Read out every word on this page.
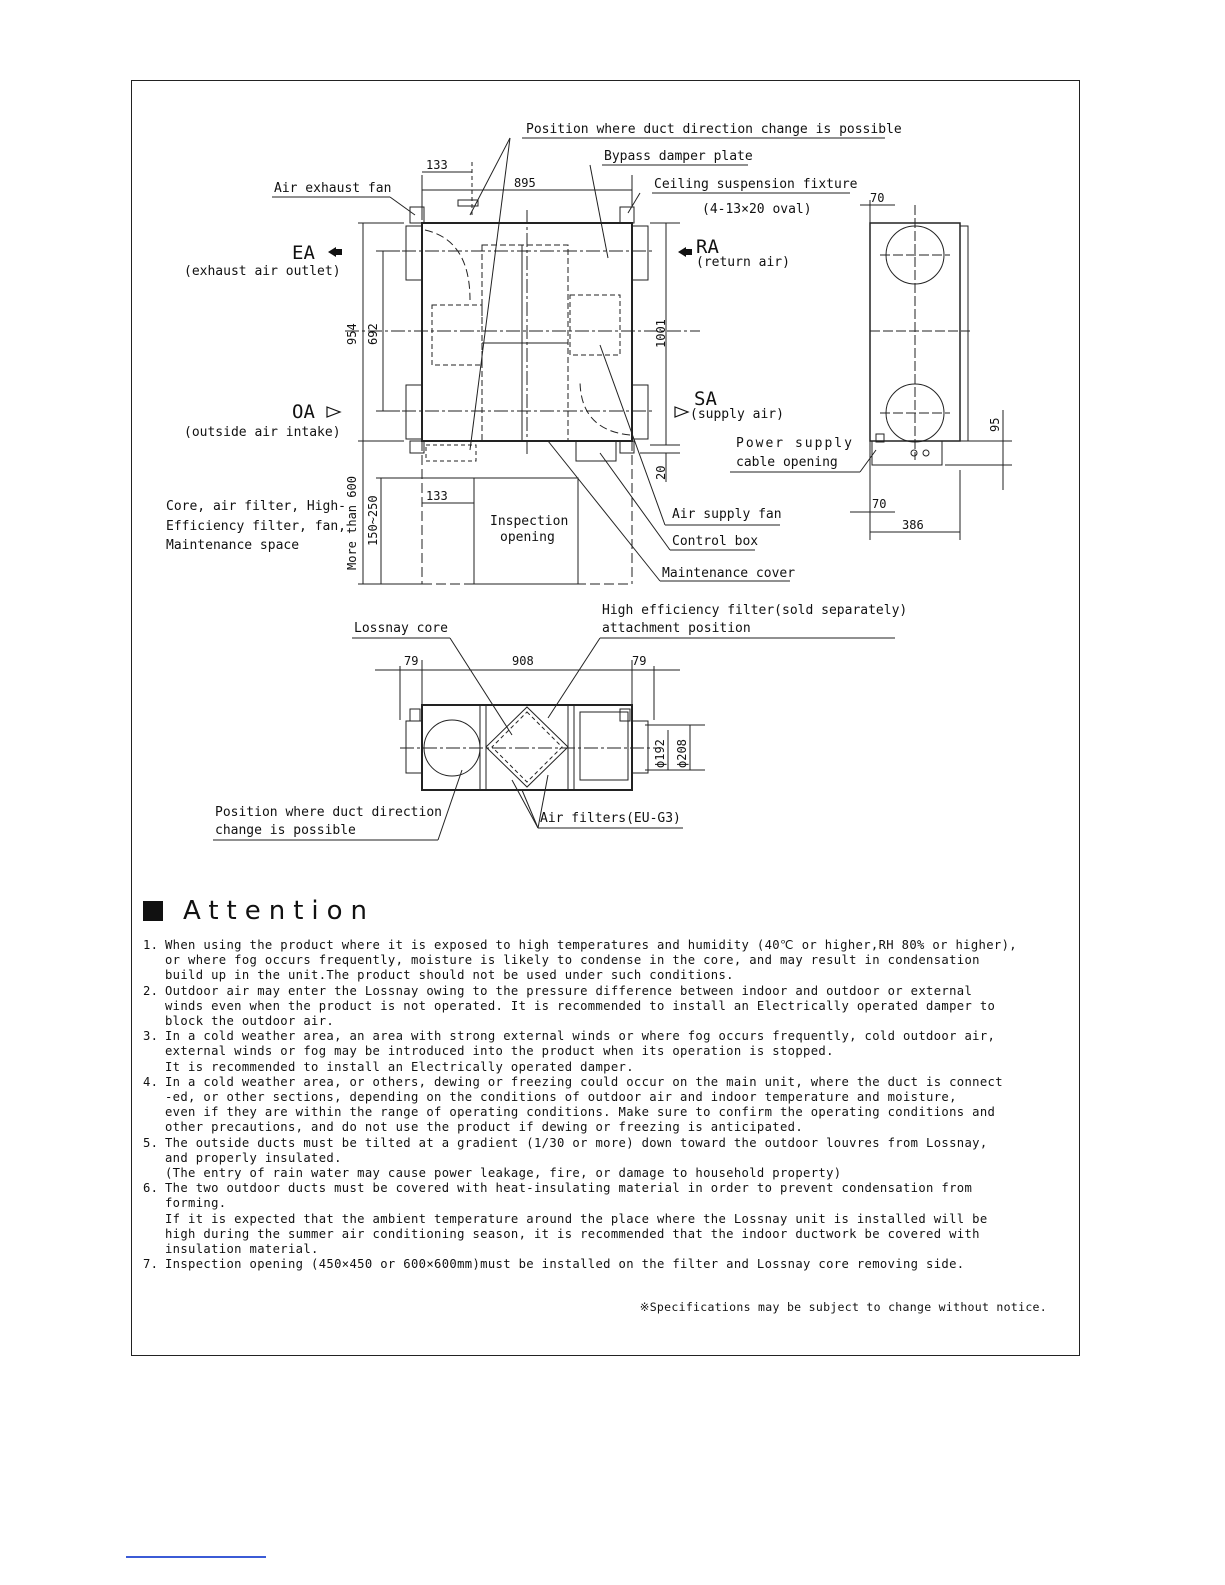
Position where duct direction change is possible
Bypass damper plate
Air exhaust fan	Ceiling suspension fixture
(4-13×20 oval)
EA
(exhaust air outlet)
RA
(return air)
OA
(outside air intake)
SA
(supply air)
Power supply
cable opening
Core, air filter, High-
Efficiency filter, fan,
Maintenance space
Inspection
opening
Air supply fan
Control box
Maintenance cover
Lossnay core
High efficiency filter(sold separately)
attachment position
Position where duct direction
change is possible
Air filters(EU-G3)
133
895
70
954 692	1001
95
20
133
70
386
More than 600 150~250
79	908	79
ϕ192 ϕ208
Attention
1. When using the product where it is exposed to high temperatures and humidity (40℃ or higher,RH 80% or higher),

or where fog occurs frequently, moisture is likely to condense in the core, and may result in condensation

build up in the unit.The product should not be used under such conditions.

2. Outdoor air may enter the Lossnay owing to the pressure difference between indoor and outdoor or external

winds even when the product is not operated. It is recommended to install an Electrically operated damper to

block the outdoor air.

3. In a cold weather area, an area with strong external winds or where fog occurs frequently, cold outdoor air,

external winds or fog may be introduced into the product when its operation is stopped.

It is recommended to install an Electrically operated damper.

4. In a cold weather area, or others, dewing or freezing could occur on the main unit, where the duct is connect

-ed, or other sections, depending on the conditions of outdoor air and indoor temperature and moisture,

even if they are within the range of operating conditions. Make sure to confirm the operating conditions and

other precautions, and do not use the product if dewing or freezing is anticipated.

5. The outside ducts must be tilted at a gradient (1/30 or more) down toward the outdoor louvres from Lossnay,

and properly insulated.

(The entry of rain water may cause power leakage, fire, or damage to household property)

6. The two outdoor ducts must be covered with heat-insulating material in order to prevent condensation from

forming.

If it is expected that the ambient temperature around the place where the Lossnay unit is installed will be

high during the summer air conditioning season, it is recommended that the indoor ductwork be covered with

insulation material.

7. Inspection opening (450×450 or 600×600mm)must be installed on the filter and Lossnay core removing side.

※Specifications may be subject to change without notice.
